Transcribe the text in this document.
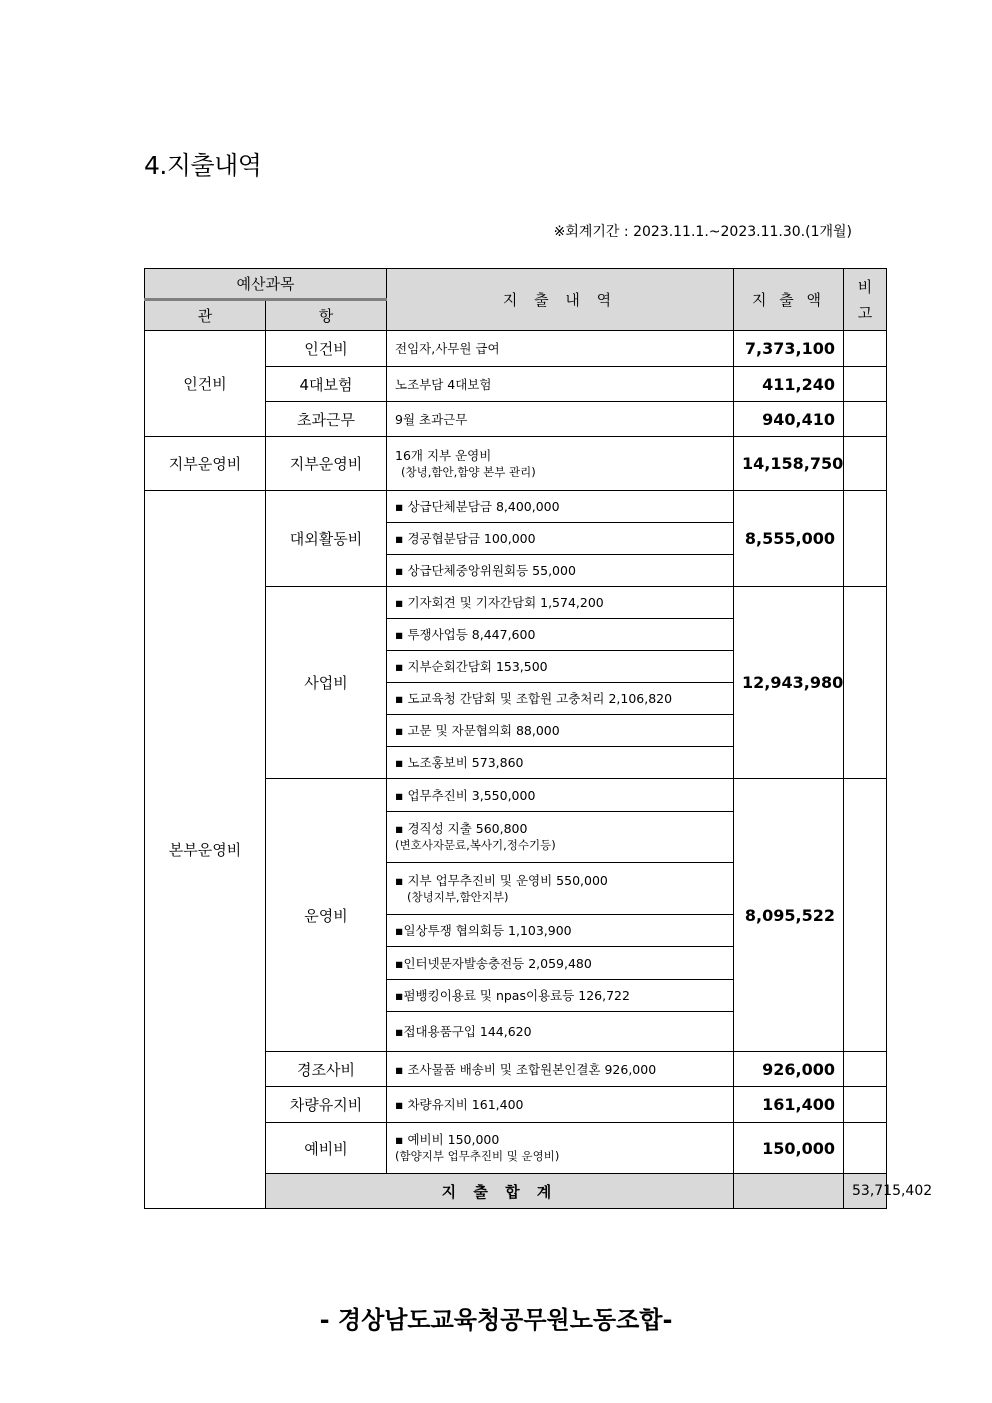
4.지출내역
※회계기간 : 2023.11.1.~2023.11.30.(1개월)
예산과목		지 출 내 역	지 출 액	비
고	
관	항				
인건비	인건비	전임자,사무원 급여	7,373,100		
	4대보험	노조부담 4대보험	411,240		
	초과근무	9월 초과근무	940,410		
지부운영비	지부운영비	16개 지부 운영비
(창녕,함안,함양 본부 관리)	14,158,750		
본부운영비	대외활동비	▪ 상급단체분담금 8,400,000	8,555,000		
		▪ 경공협분담금 100,000			
		▪ 상급단체중앙위원회등 55,000			
	사업비	▪ 기자회견 및 기자간담회 1,574,200	12,943,980		
		▪ 투쟁사업등 8,447,600			
		▪ 지부순회간담회 153,500			
		▪ 도교육청 간담회 및 조합원 고충처리 2,106,820			
		▪ 고문 및 자문협의회 88,000			
		▪ 노조홍보비 573,860			
	운영비	▪ 업무추진비 3,550,000	8,095,522		

		▪ 경직성 지출 560,800
(변호사자문료,복사기,정수기등)			

		▪ 지부 업무추진비 및 운영비 550,000
(창녕지부,함안지부)			

		▪일상투쟁 협의회등 1,103,900			
		▪인터넷문자발송충전등 2,059,480			
		▪펌뱅킹이용료 및 npas이용료등 126,722			
		▪접대용품구입 144,620			
	경조사비	▪ 조사물품 배송비 및 조합원본인결혼 926,000	926,000		
	차량유지비	▪ 차량유지비 161,400	161,400		
	예비비	▪ 예비비 150,000
(함양지부 업무추진비 및 운영비)	150,000		
	지 출 합 계			53,715,402	
- 경상남도교육청공무원노동조합-
